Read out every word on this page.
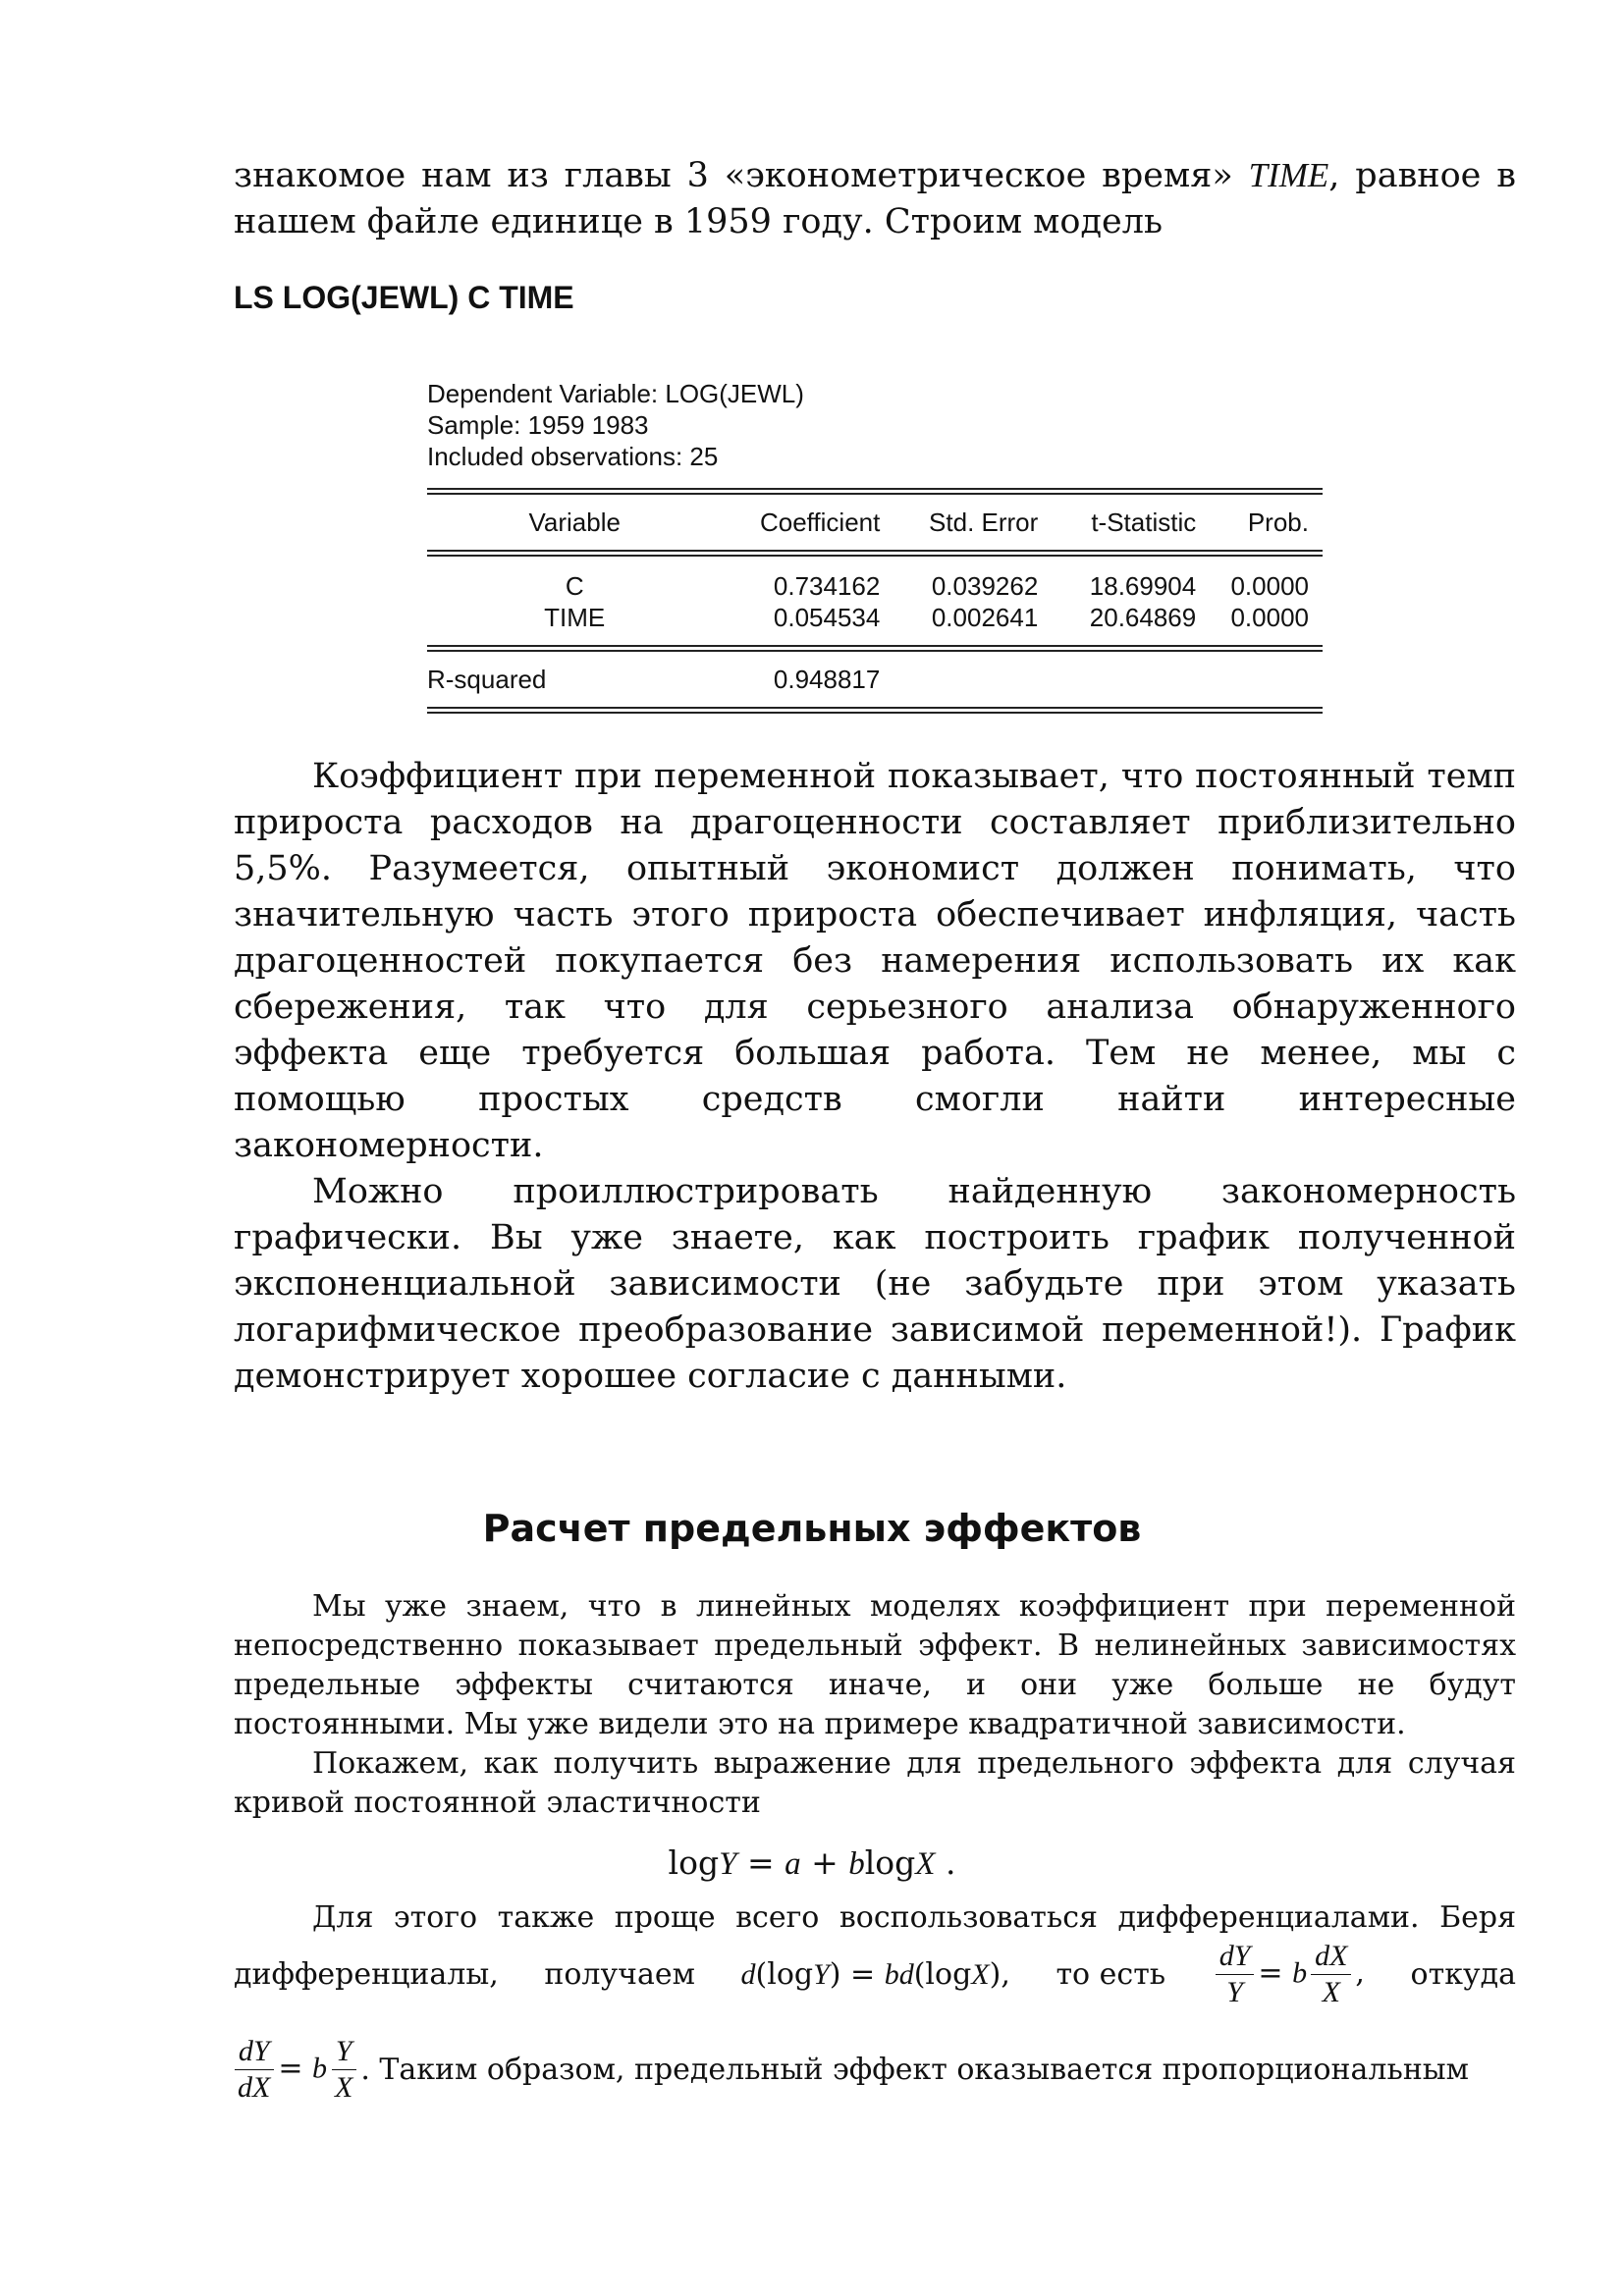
знакомое нам из главы 3 «эконометрическое время» TIME, равное в

нашем файле единице в 1959 году. Строим модель

LS LOG(JEWL) C TIME
Dependent Variable: LOG(JEWL)
Sample: 1959 1983
Included observations: 25
Variable	Coefficient	Std. Error	t-Statistic	Prob.
C	0.734162	0.039262	18.69904	0.0000
TIME	0.054534	0.002641	20.64869	0.0000
R-squared	0.948817			

Коэффициент при переменной показывает, что постоянный темп прироста расходов на драгоценности составляет приблизительно 5,5%. Разумеется, опытный экономист должен понимать, что значительную часть этого прироста обеспечивает инфляция, часть драгоценностей покупается без намерения использовать их как сбережения, так что для серьезного анализа обнаруженного эффекта еще требуется большая работа. Тем не менее, мы с помощью простых средств смогли найти интересные закономерности.

Можно проиллюстрировать найденную закономерность графически. Вы уже знаете, как построить график полученной экспоненциальной зависимости (не забудьте при этом указать логарифмическое преобразование зависимой переменной!). График демонстрирует хорошее согласие с данными.

Расчет предельных эффектов

Мы уже знаем, что в линейных моделях коэффициент при переменной непосредственно показывает предельный эффект. В нелинейных зависимостях предельные эффекты считаются иначе, и они уже больше не будут постоянными. Мы уже видели это на примере квадратичной зависимости.

Покажем, как получить выражение для предельного эффекта для случая кривой постоянной эластичности

logY = a + blogX .

Для этого также проще всего воспользоваться дифференциалами. Беря

дифференциалы, получаем d(logY) = bd(logX), то есть $\frac{dY}{Y} = b \frac{dX}{X}$ , откуда
$\frac{dY}{dX} = b \frac{Y}{X}$ . Таким образом, предельный эффект оказывается пропорциональным
